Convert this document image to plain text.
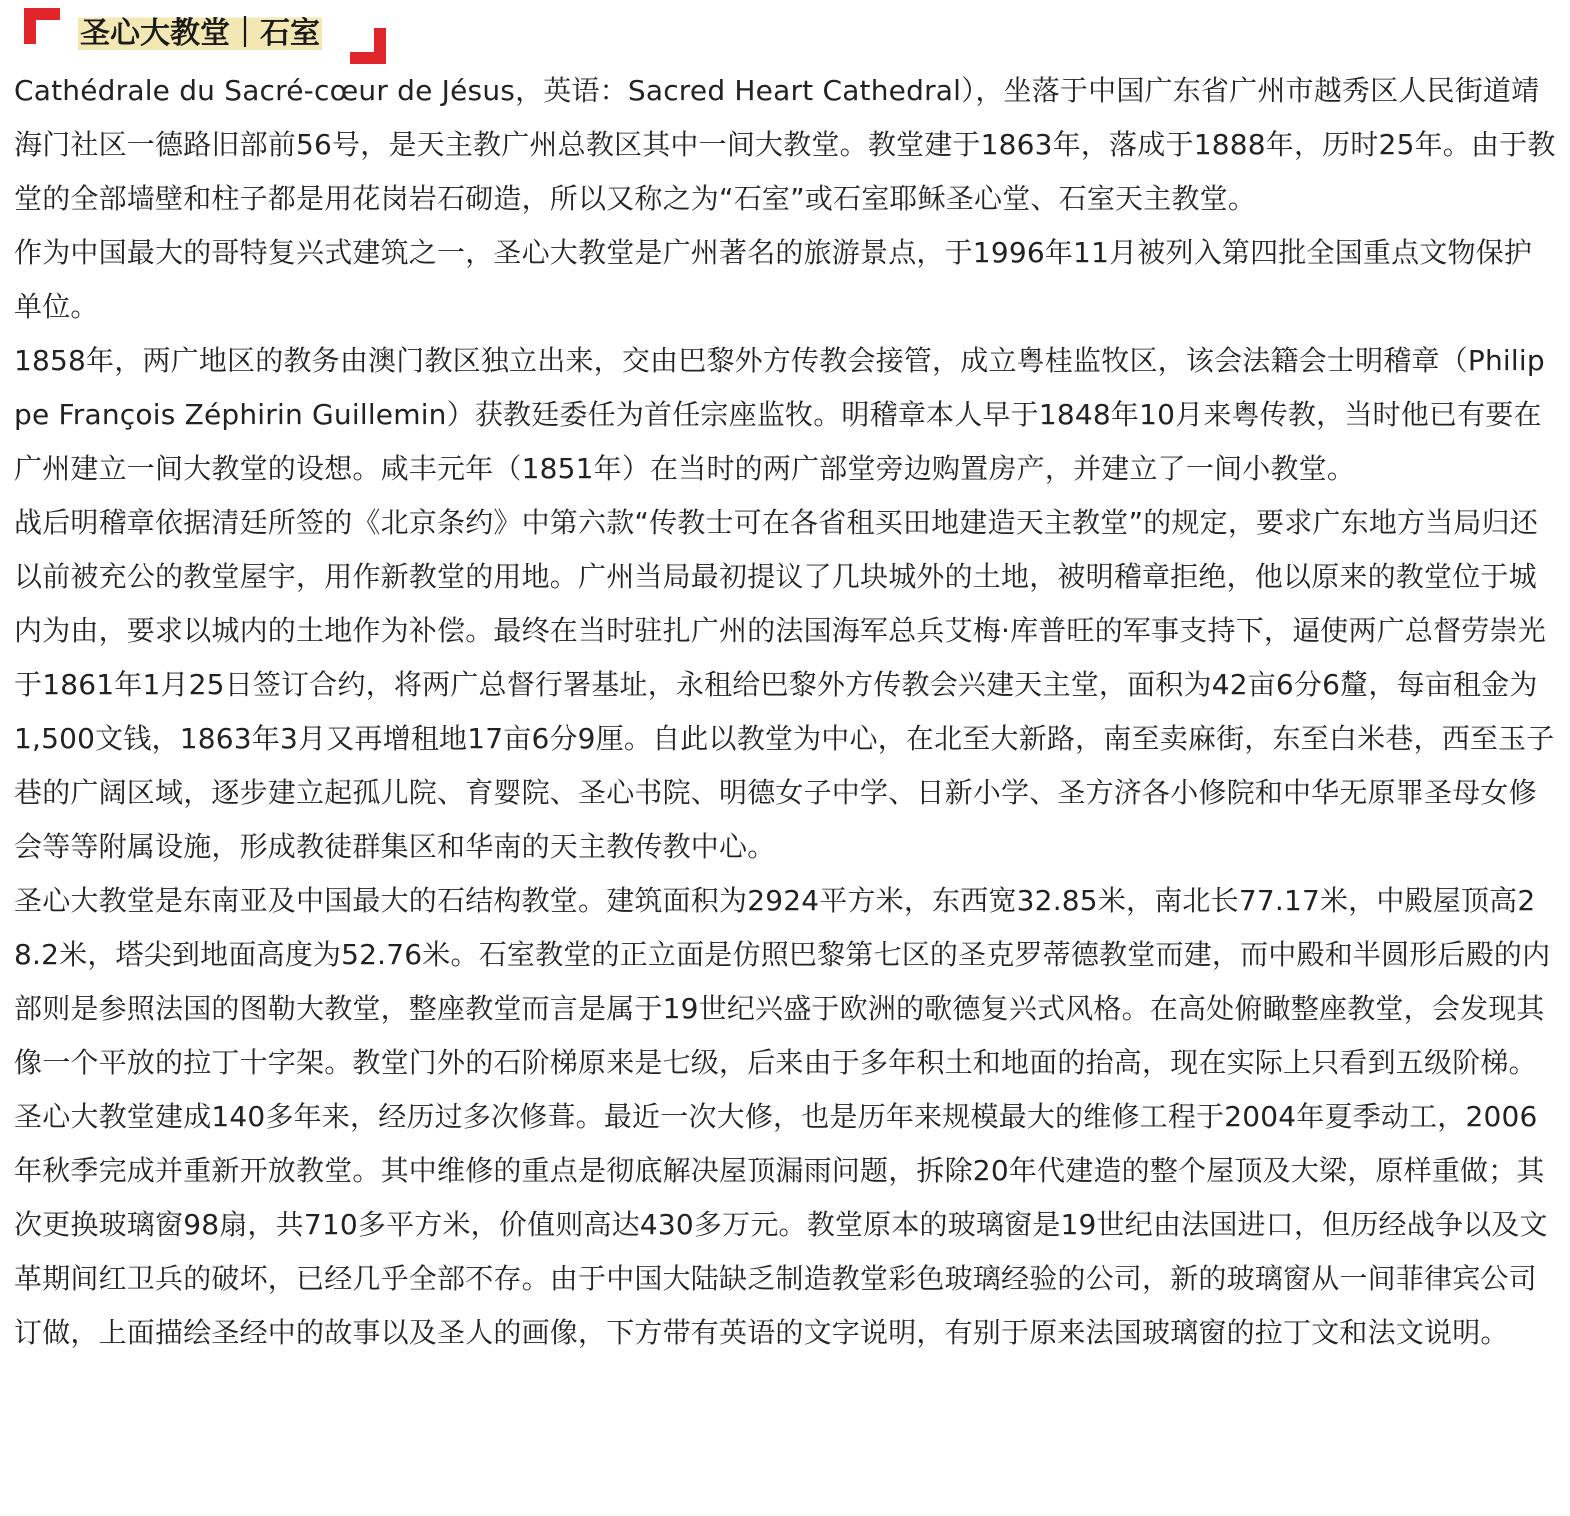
圣心大教堂｜石室

Cathédrale du Sacré-cœur de Jésus，英语：Sacred Heart Cathedral），坐落于中国广东省广州市越秀区人民街道靖海门社区一德路旧部前56号，是天主教广州总教区其中一间大教堂。教堂建于1863年，落成于1888年，历时25年。由于教堂的全部墙壁和柱子都是用花岗岩石砌造，所以又称之为“石室”或石室耶稣圣心堂、石室天主教堂。

作为中国最大的哥特复兴式建筑之一，圣心大教堂是广州著名的旅游景点，于1996年11月被列入第四批全国重点文物保护单位。

1858年，两广地区的教务由澳门教区独立出来，交由巴黎外方传教会接管，成立粤桂监牧区，该会法籍会士明稽章（Philippe François Zéphirin Guillemin）获教廷委任为首任宗座监牧。明稽章本人早于1848年10月来粤传教，当时他已有要在广州建立一间大教堂的设想。咸丰元年（1851年）在当时的两广部堂旁边购置房产，并建立了一间小教堂。

战后明稽章依据清廷所签的《北京条约》中第六款“传教士可在各省租买田地建造天主教堂”的规定，要求广东地方当局归还以前被充公的教堂屋宇，用作新教堂的用地。广州当局最初提议了几块城外的土地，被明稽章拒绝，他以原来的教堂位于城内为由，要求以城内的土地作为补偿。最终在当时驻扎广州的法国海军总兵艾梅·库普旺的军事支持下，逼使两广总督劳崇光于1861年1月25日签订合约，将两广总督行署基址，永租给巴黎外方传教会兴建天主堂，面积为42亩6分6釐，每亩租金为1,500文钱，1863年3月又再增租地17亩6分9厘。自此以教堂为中心，在北至大新路，南至卖麻街，东至白米巷，西至玉子巷的广阔区域，逐步建立起孤儿院、育婴院、圣心书院、明德女子中学、日新小学、圣方济各小修院和中华无原罪圣母女修会等等附属设施，形成教徒群集区和华南的天主教传教中心。

圣心大教堂是东南亚及中国最大的石结构教堂。建筑面积为2924平方米，东西宽32.85米，南北长77.17米，中殿屋顶高28.2米，塔尖到地面高度为52.76米。石室教堂的正立面是仿照巴黎第七区的圣克罗蒂德教堂而建，而中殿和半圆形后殿的内部则是参照法国的图勒大教堂，整座教堂而言是属于19世纪兴盛于欧洲的歌德复兴式风格。在高处俯瞰整座教堂，会发现其像一个平放的拉丁十字架。教堂门外的石阶梯原来是七级，后来由于多年积土和地面的抬高，现在实际上只看到五级阶梯。

圣心大教堂建成140多年来，经历过多次修葺。最近一次大修，也是历年来规模最大的维修工程于2004年夏季动工，2006年秋季完成并重新开放教堂。其中维修的重点是彻底解决屋顶漏雨问题，拆除20年代建造的整个屋顶及大梁，原样重做；其次更换玻璃窗98扇，共710多平方米，价值则高达430多万元。教堂原本的玻璃窗是19世纪由法国进口，但历经战争以及文革期间红卫兵的破坏，已经几乎全部不存。由于中国大陆缺乏制造教堂彩色玻璃经验的公司，新的玻璃窗从一间菲律宾公司订做，上面描绘圣经中的故事以及圣人的画像，下方带有英语的文字说明，有别于原来法国玻璃窗的拉丁文和法文说明。
